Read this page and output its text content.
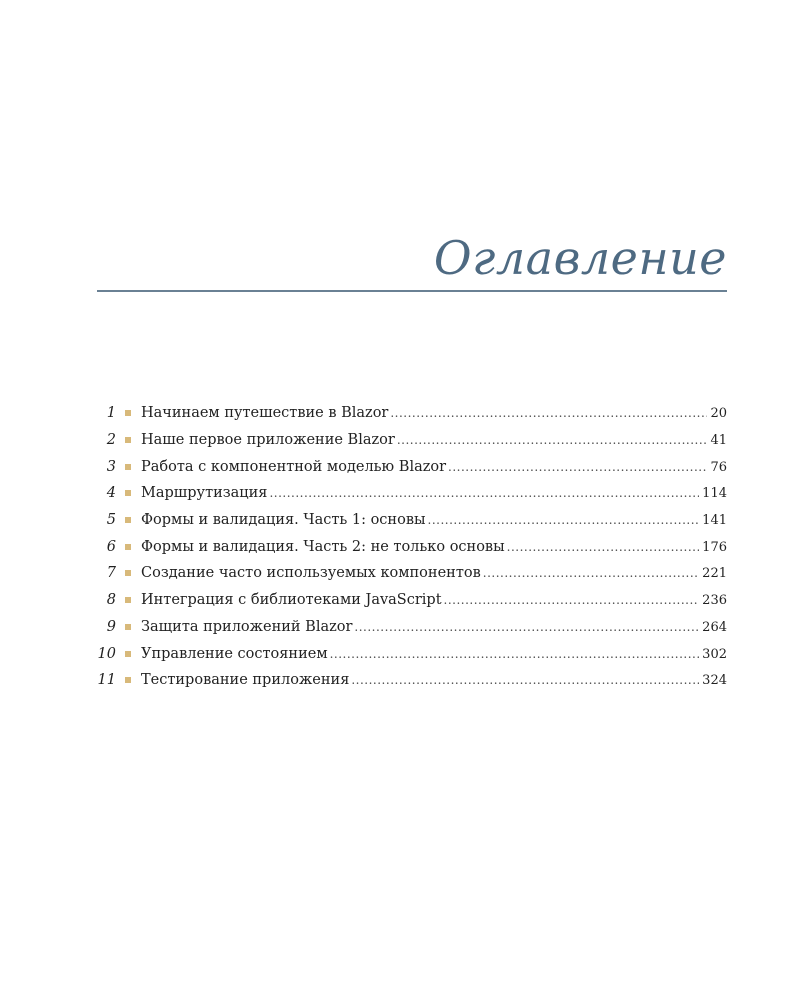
Оглавление
1 Начинаем путешествие в Blazor .....	20
2 Наше первое приложение Blazor .....	41
3 Работа с компонентной моделью Blazor .....	76
4 Маршрутизация .....	114
5 Формы и валидация. Часть 1: основы .....	141
6 Формы и валидация. Часть 2: не только основы .....	176
7 Создание часто используемых компонентов .....	221
8 Интеграция с библиотеками JavaScript .....	236
9 Защита приложений Blazor .....	264
10 Управление состоянием .....	302
11 Тестирование приложения .....	324
